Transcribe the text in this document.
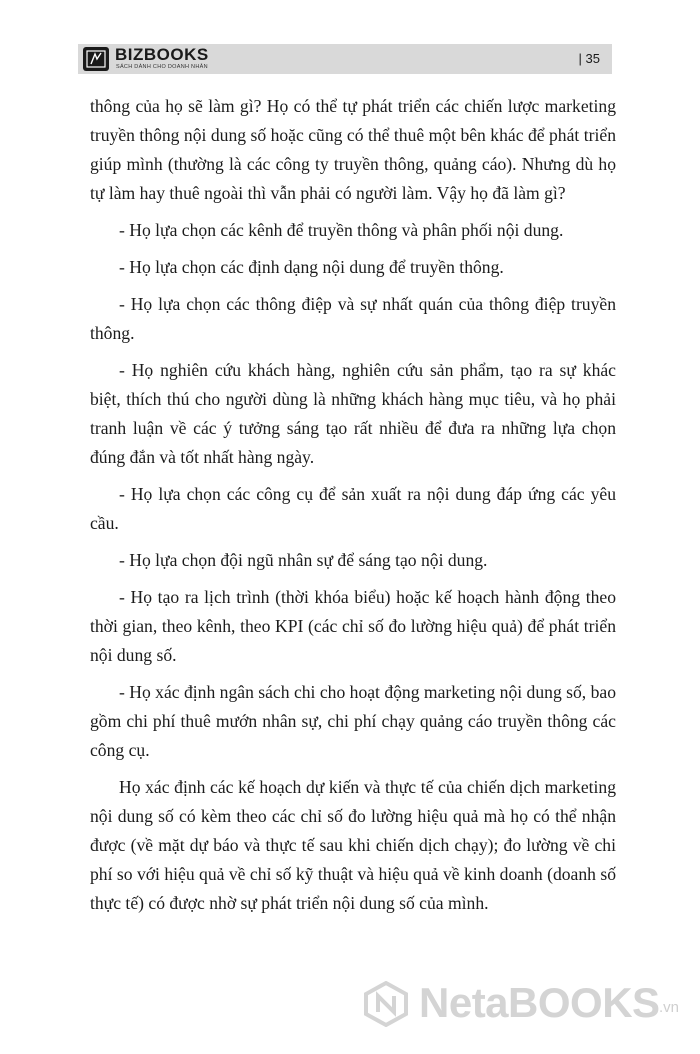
BIZBOOKS
SÁCH DÀNH CHO DOANH NHÂN
| 35

thông của họ sẽ làm gì? Họ có thể tự phát triển các chiến lược marketing truyền thông nội dung số hoặc cũng có thể thuê một bên khác để phát triển giúp mình (thường là các công ty truyền thông, quảng cáo). Nhưng dù họ tự làm hay thuê ngoài thì vẫn phải có người làm. Vậy họ đã làm gì?

- Họ lựa chọn các kênh để truyền thông và phân phối nội dung.

- Họ lựa chọn các định dạng nội dung để truyền thông.

- Họ lựa chọn các thông điệp và sự nhất quán của thông điệp truyền thông.

- Họ nghiên cứu khách hàng, nghiên cứu sản phẩm, tạo ra sự khác biệt, thích thú cho người dùng là những khách hàng mục tiêu, và họ phải tranh luận về các ý tưởng sáng tạo rất nhiều để đưa ra những lựa chọn đúng đắn và tốt nhất hàng ngày.

- Họ lựa chọn các công cụ để sản xuất ra nội dung đáp ứng các yêu cầu.

- Họ lựa chọn đội ngũ nhân sự để sáng tạo nội dung.

- Họ tạo ra lịch trình (thời khóa biểu) hoặc kế hoạch hành động theo thời gian, theo kênh, theo KPI (các chỉ số đo lường hiệu quả) để phát triển nội dung số.

- Họ xác định ngân sách chi cho hoạt động marketing nội dung số, bao gồm chi phí thuê mướn nhân sự, chi phí chạy quảng cáo truyền thông các công cụ.

Họ xác định các kế hoạch dự kiến và thực tế của chiến dịch marketing nội dung số có kèm theo các chỉ số đo lường hiệu quả mà họ có thể nhận được (về mặt dự báo và thực tế sau khi chiến dịch chạy); đo lường về chi phí so với hiệu quả về chỉ số kỹ thuật và hiệu quả về kinh doanh (doanh số thực tế) có được nhờ sự phát triển nội dung số của mình.

NetaBOOKS .vn
